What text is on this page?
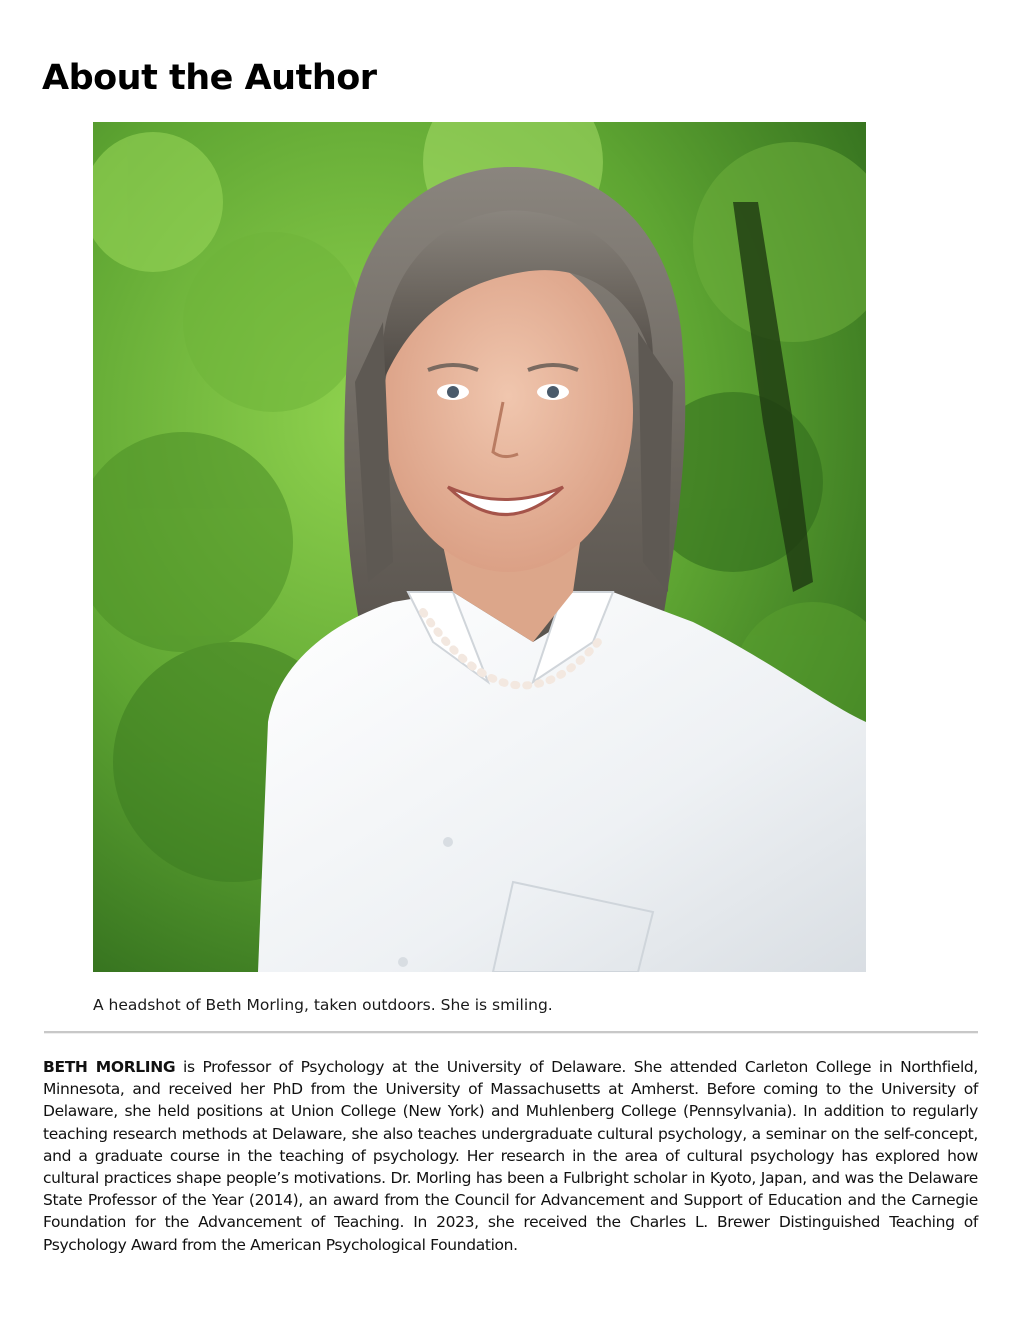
About the Author

A headshot of Beth Morling, taken outdoors. She is smiling.

BETH MORLING is Professor of Psychology at the University of Delaware. She attended Carleton College in Northfield, Minnesota, and received her PhD from the University of Massachusetts at Amherst. Before coming to the University of Delaware, she held positions at Union College (New York) and Muhlenberg College (Pennsylvania). In addition to regularly teaching research methods at Delaware, she also teaches undergraduate cultural psychology, a seminar on the self-concept, and a graduate course in the teaching of psychology. Her research in the area of cultural psychology has explored how cultural practices shape people’s motivations. Dr. Morling has been a Fulbright scholar in Kyoto, Japan, and was the Delaware State Professor of the Year (2014), an award from the Council for Advancement and Support of Education and the Carnegie Foundation for the Advancement of Teaching. In 2023, she received the Charles L. Brewer Distinguished Teaching of Psychology Award from the American Psychological Foundation.
